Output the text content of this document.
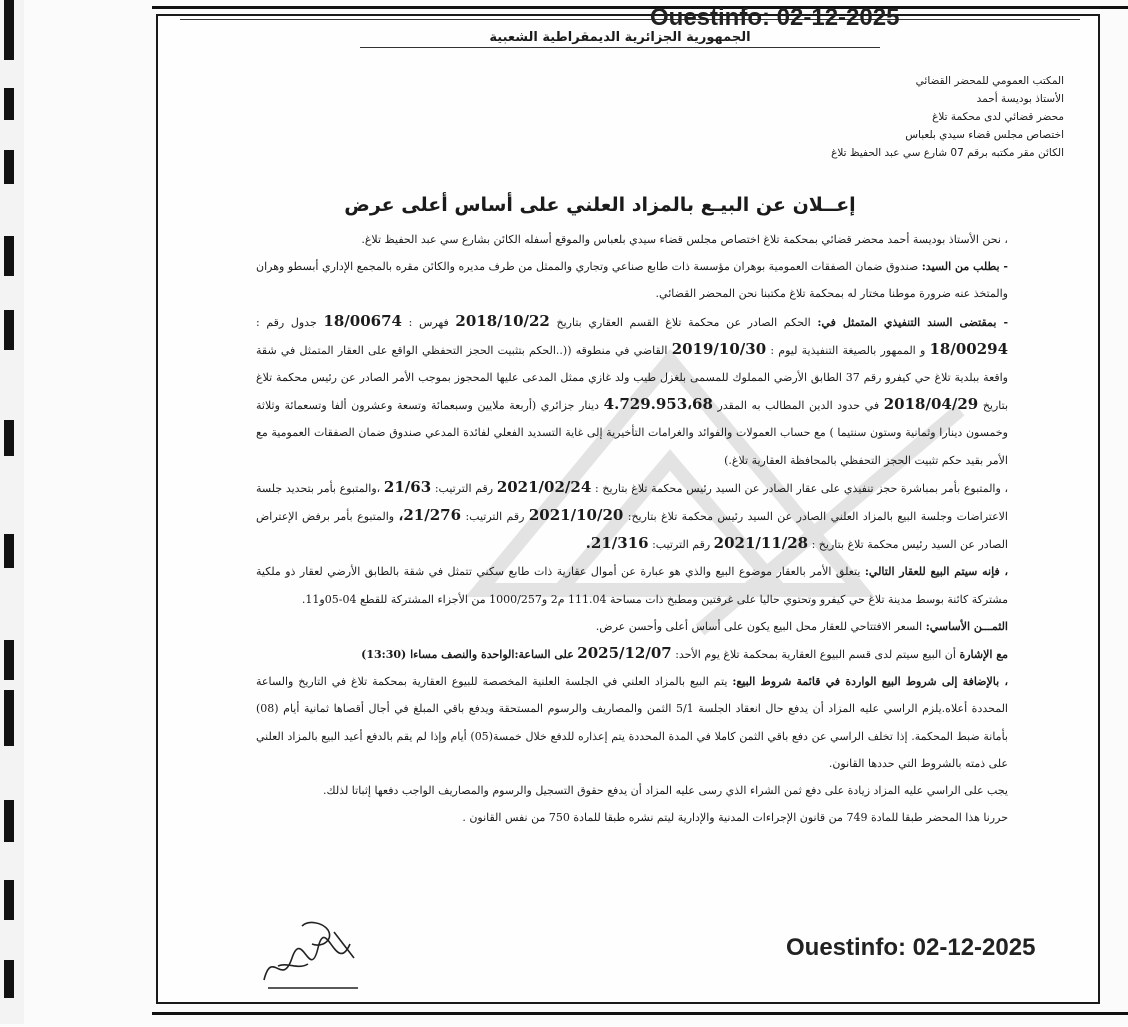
Ouestinfo: 02-12-2025
الجمهورية الجزائرية الديمقراطية الشعبية
المكتب العمومي للمحضر القضائي
الأستاذ بوديسة أحمد
محضر قضائي لدى محكمة تلاغ
اختصاص مجلس قضاء سيدي بلعباس
الكائن مقر مكتبه برقم 07 شارع سي عبد الحفيظ تلاغ
إعــلان عن البيـع بالمزاد العلني على أساس أعلى عرض

، نحن الأستاذ بوديسة أحمد محضر قضائي بمحكمة تلاغ اختصاص مجلس قضاء سيدي بلعباس والموقع أسفله الكائن بشارع سي عبد الحفيظ تلاغ.

- بطلب من السيد: صندوق ضمان الصفقات العمومية بوهران مؤسسة ذات طابع صناعي وتجاري والممثل من طرف مديره والكائن مقره بالمجمع الإداري أبسطو وهران والمتخذ عنه ضرورة موطنا مختار له بمحكمة تلاغ مكتبنا نحن المحضر القضائي.

- بمقتضى السند التنفيذي المتمثل في: الحكم الصادر عن محكمة تلاغ القسم العقاري بتاريخ 2018/10/22 فهرس : 18/00674 جدول رقم : 18/00294 و الممهور بالصيغة التنفيذية ليوم : 2019/10/30 القاضي في منطوقه ((..الحكم بتثبيت الحجز التحفظي الواقع على العقار المتمثل في شقة واقعة ببلدية تلاغ حي كيفرو رقم 37 الطابق الأرضي المملوك للمسمى بلغزل طيب ولد غازي ممثل المدعى عليها المحجوز بموجب الأمر الصادر عن رئيس محكمة تلاغ بتاريخ 2018/04/29 في حدود الدين المطالب به المقدر 4.729.953،68 دينار جزائري (أربعة ملايين وسبعمائة وتسعة وعشرون ألفا وتسعمائة وثلاثة وخمسون دينارا وثمانية وستون سنتيما ) مع حساب العمولات والفوائد والغرامات التأخيرية إلى غاية التسديد الفعلي لفائدة المدعي صندوق ضمان الصفقات العمومية مع الأمر بقيد حكم تثبيت الحجز التحفظي بالمحافظة العقارية تلاغ.)

، والمتبوع بأمر بمباشرة حجز تنفيذي على عقار الصادر عن السيد رئيس محكمة تلاغ بتاريخ : 2021/02/24 رقم الترتيب: 21/63 ،والمتبوع بأمر بتحديد جلسة الاعتراضات وجلسة البيع بالمزاد العلني الصادر عن السيد رئيس محكمة تلاغ بتاريخ: 2021/10/20 رقم الترتيب: 21/276، والمتبوع بأمر برفض الإعتراض الصادر عن السيد رئيس محكمة تلاغ بتاريخ : 2021/11/28 رقم الترتيب: 21/316.

، فإنه سيتم البيع للعقار التالي: يتعلق الأمر بالعقار موضوع البيع والذي هو عبارة عن أموال عقارية ذات طابع سكني تتمثل في شقة بالطابق الأرضي لعقار ذو ملكية مشتركة كائنة بوسط مدينة تلاغ حي كيفرو وتحتوي حاليا على غرفتين ومطبخ ذات مساحة 111.04 م2 و1000/257 من الأجزاء المشتركة للقطع 04-05و11.

الثمـــن الأساسي: السعر الافتتاحي للعقار محل البيع يكون على أساس أعلى وأحسن عرض.

مع الإشارة أن البيع سيتم لدى قسم البيوع العقارية بمحكمة تلاغ يوم الأحد: 2025/12/07 على الساعة:الواحدة والنصف مساءا (13:30)

، بالإضافة إلى شروط البيع الواردة في قائمة شروط البيع: يتم البيع بالمزاد العلني في الجلسة العلنية المخصصة للبيوع العقارية بمحكمة تلاغ في التاريخ والساعة المحددة أعلاه.يلزم الراسي عليه المزاد أن يدفع حال انعقاد الجلسة 5/1 الثمن والمصاريف والرسوم المستحقة ويدفع باقي المبلغ في أجال أقصاها ثمانية أيام (08) بأمانة ضبط المحكمة. إذا تخلف الراسي عن دفع باقي الثمن كاملا في المدة المحددة يتم إعذاره للدفع خلال خمسة(05) أيام وإذا لم يقم بالدفع أعيد البيع بالمزاد العلني على ذمته بالشروط التي حددها القانون.

يجب على الراسي عليه المزاد زيادة على دفع ثمن الشراء الذي رسى عليه المزاد أن يدفع حقوق التسجيل والرسوم والمصاريف الواجب دفعها إثباتا لذلك.

حررنا هذا المحضر طبقا للمادة 749 من قانون الإجراءات المدنية والإدارية ليتم نشره طبقا للمادة 750 من نفس القانون .

Ouestinfo: 02-12-2025
